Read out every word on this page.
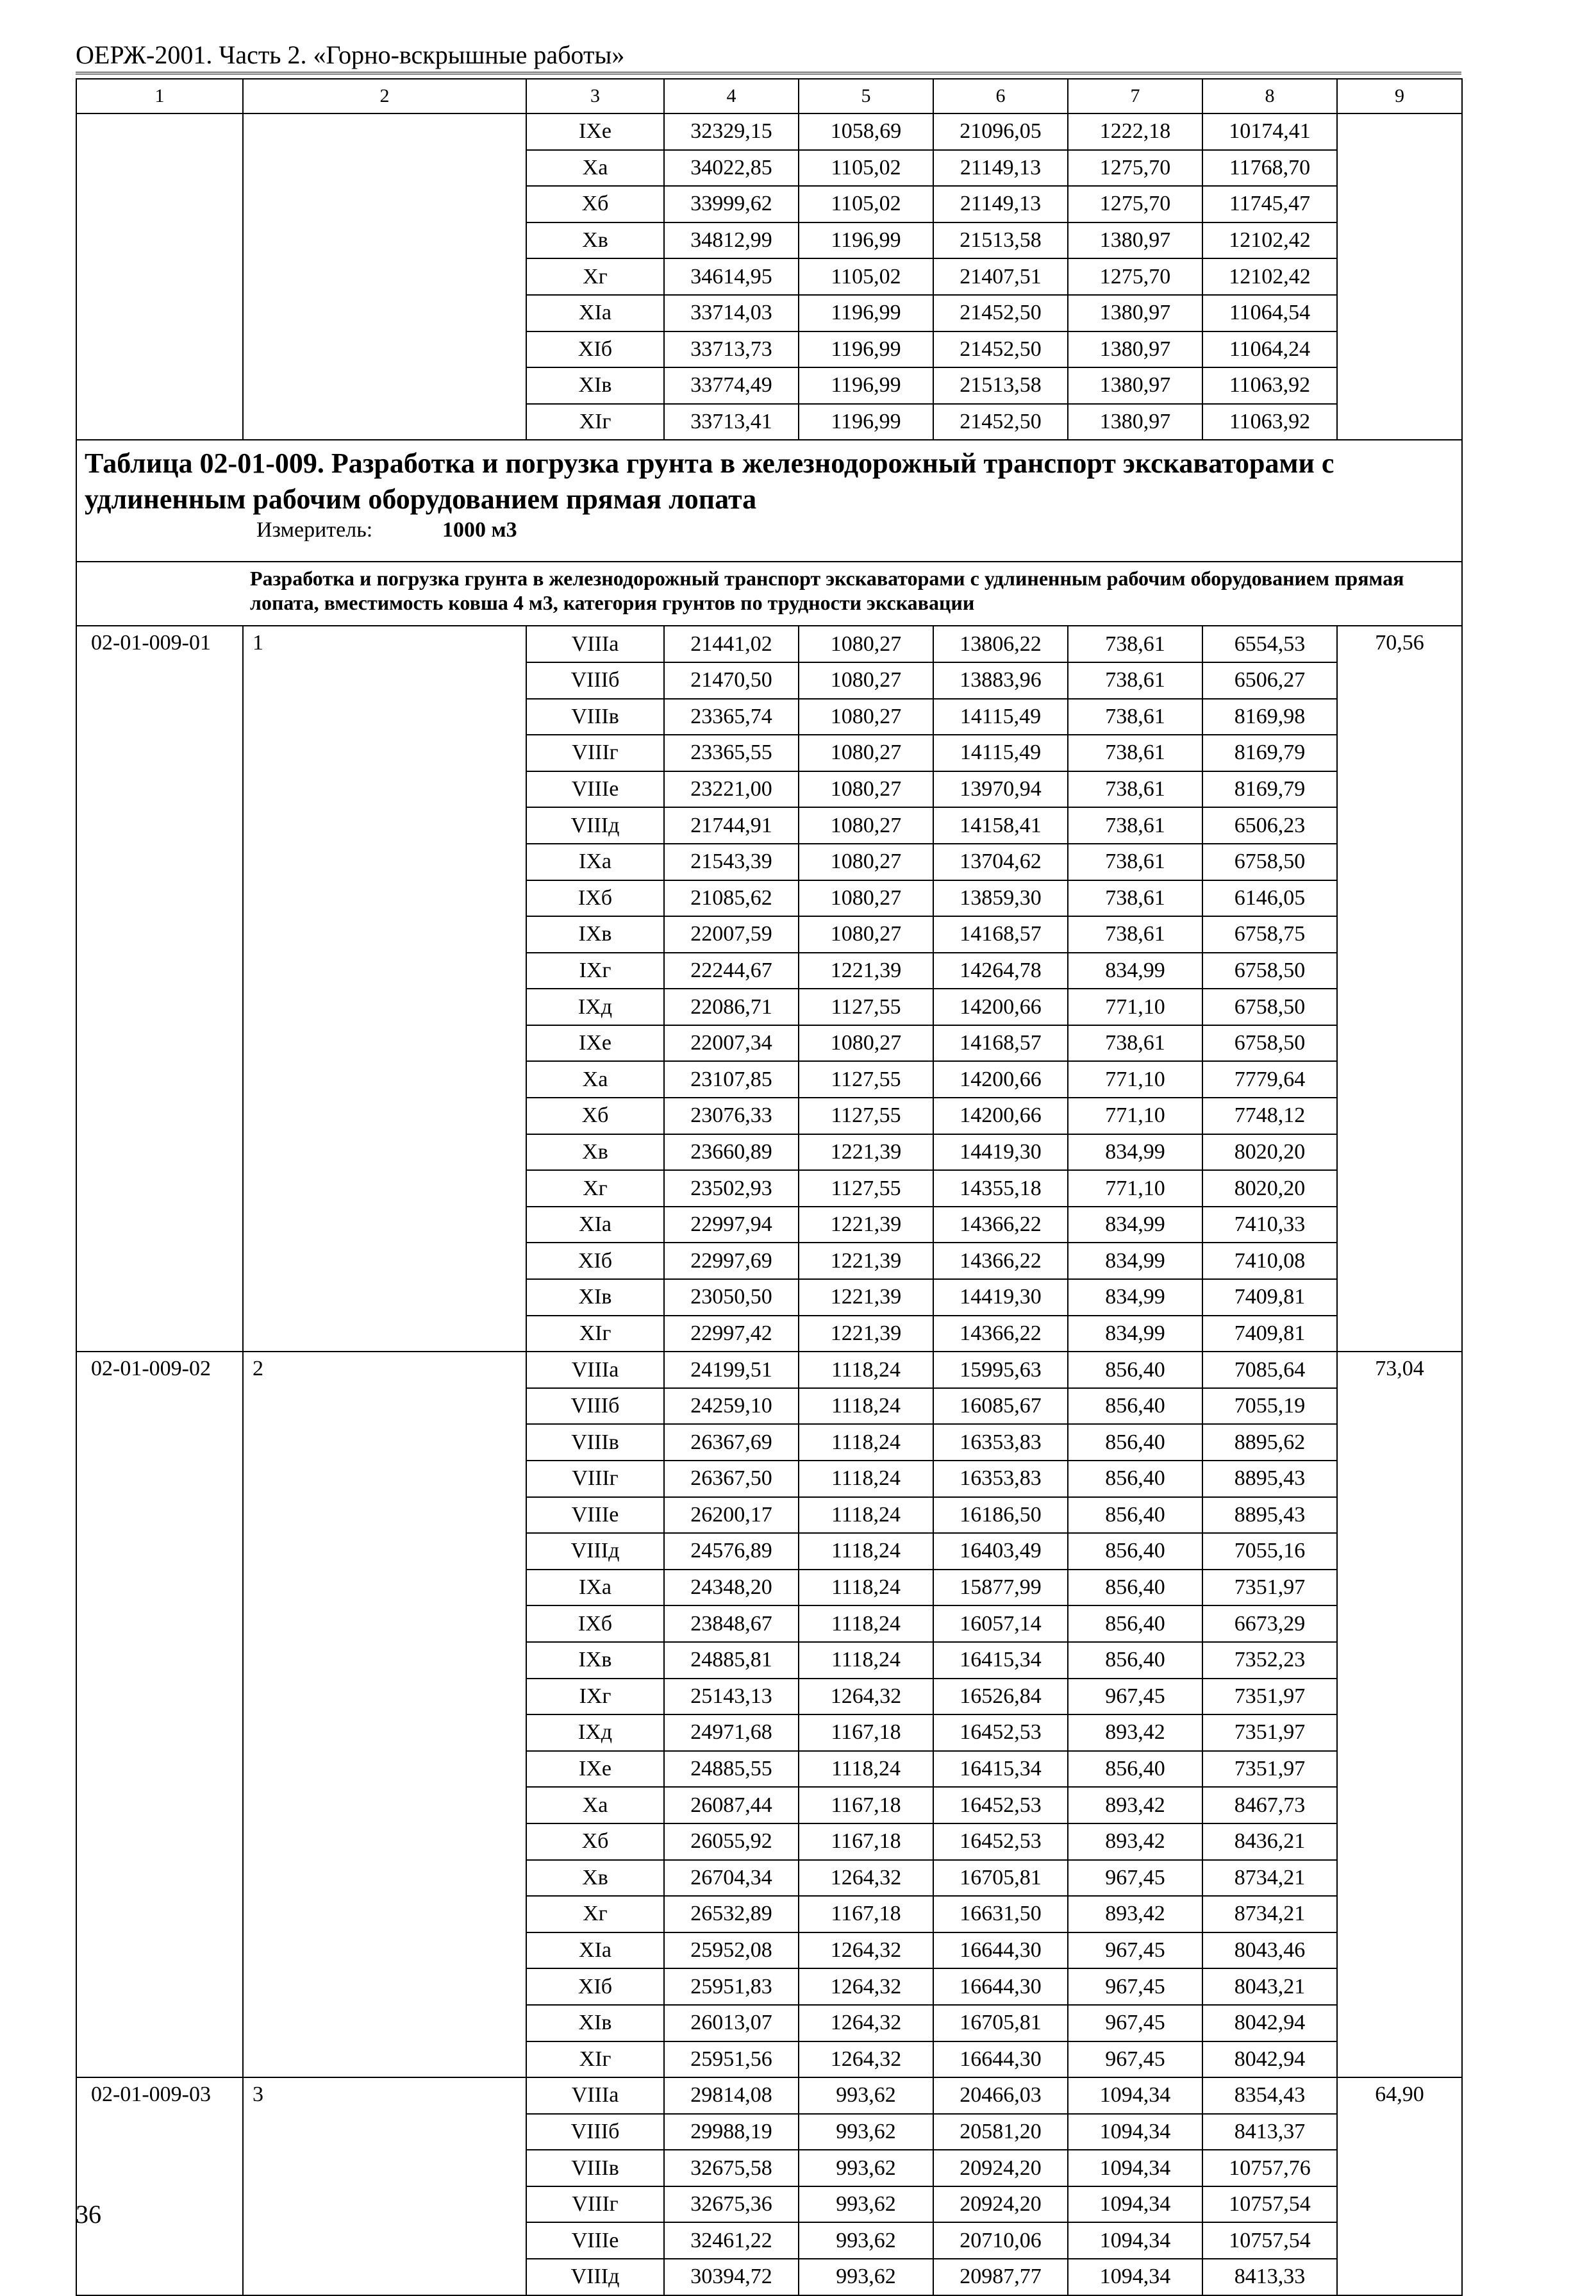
ОЕРЖ-2001. Часть 2. «Горно-вскрышные работы»
1	2	3	4	5	6	7	8	9
		IXе	32329,15	1058,69	21096,05	1222,18	10174,41	
		Xа	34022,85	1105,02	21149,13	1275,70	11768,70	
		Xб	33999,62	1105,02	21149,13	1275,70	11745,47	
		Xв	34812,99	1196,99	21513,58	1380,97	12102,42	
		Xг	34614,95	1105,02	21407,51	1275,70	12102,42	
		XIа	33714,03	1196,99	21452,50	1380,97	11064,54	
		XIб	33713,73	1196,99	21452,50	1380,97	11064,24	
		XIв	33774,49	1196,99	21513,58	1380,97	11063,92	
		XIг	33713,41	1196,99	21452,50	1380,97	11063,92	

Таблица 02-01-009. Разработка и погрузка грунта в железнодорожный транспорт экскаваторами с удлиненным рабочим оборудованием прямая лопата
Измеритель: 1000 м3								

Разработка и погрузка грунта в железнодорожный транспорт экскаваторами с удлиненным рабочим оборудованием прямая лопата, вместимость ковша 4 м3, категория грунтов по трудности экскавации								
02-01-009-01	1	VIIIа	21441,02	1080,27	13806,22	738,61	6554,53	70,56
		VIIIб	21470,50	1080,27	13883,96	738,61	6506,27	
		VIIIв	23365,74	1080,27	14115,49	738,61	8169,98	
		VIIIг	23365,55	1080,27	14115,49	738,61	8169,79	
		VIIIе	23221,00	1080,27	13970,94	738,61	8169,79	
		VIIIд	21744,91	1080,27	14158,41	738,61	6506,23	
		IXа	21543,39	1080,27	13704,62	738,61	6758,50	
		IXб	21085,62	1080,27	13859,30	738,61	6146,05	
		IXв	22007,59	1080,27	14168,57	738,61	6758,75	
		IXг	22244,67	1221,39	14264,78	834,99	6758,50	
		IXд	22086,71	1127,55	14200,66	771,10	6758,50	
		IXе	22007,34	1080,27	14168,57	738,61	6758,50	
		Xа	23107,85	1127,55	14200,66	771,10	7779,64	
		Xб	23076,33	1127,55	14200,66	771,10	7748,12	
		Xв	23660,89	1221,39	14419,30	834,99	8020,20	
		Xг	23502,93	1127,55	14355,18	771,10	8020,20	
		XIа	22997,94	1221,39	14366,22	834,99	7410,33	
		XIб	22997,69	1221,39	14366,22	834,99	7410,08	
		XIв	23050,50	1221,39	14419,30	834,99	7409,81	
		XIг	22997,42	1221,39	14366,22	834,99	7409,81	
02-01-009-02	2	VIIIа	24199,51	1118,24	15995,63	856,40	7085,64	73,04
		VIIIб	24259,10	1118,24	16085,67	856,40	7055,19	
		VIIIв	26367,69	1118,24	16353,83	856,40	8895,62	
		VIIIг	26367,50	1118,24	16353,83	856,40	8895,43	
		VIIIе	26200,17	1118,24	16186,50	856,40	8895,43	
		VIIIд	24576,89	1118,24	16403,49	856,40	7055,16	
		IXа	24348,20	1118,24	15877,99	856,40	7351,97	
		IXб	23848,67	1118,24	16057,14	856,40	6673,29	
		IXв	24885,81	1118,24	16415,34	856,40	7352,23	
		IXг	25143,13	1264,32	16526,84	967,45	7351,97	
		IXд	24971,68	1167,18	16452,53	893,42	7351,97	
		IXе	24885,55	1118,24	16415,34	856,40	7351,97	
		Xа	26087,44	1167,18	16452,53	893,42	8467,73	
		Xб	26055,92	1167,18	16452,53	893,42	8436,21	
		Xв	26704,34	1264,32	16705,81	967,45	8734,21	
		Xг	26532,89	1167,18	16631,50	893,42	8734,21	
		XIа	25952,08	1264,32	16644,30	967,45	8043,46	
		XIб	25951,83	1264,32	16644,30	967,45	8043,21	
		XIв	26013,07	1264,32	16705,81	967,45	8042,94	
		XIг	25951,56	1264,32	16644,30	967,45	8042,94	
02-01-009-03	3	VIIIа	29814,08	993,62	20466,03	1094,34	8354,43	64,90
		VIIIб	29988,19	993,62	20581,20	1094,34	8413,37	
		VIIIв	32675,58	993,62	20924,20	1094,34	10757,76	
		VIIIг	32675,36	993,62	20924,20	1094,34	10757,54	
		VIIIе	32461,22	993,62	20710,06	1094,34	10757,54	
		VIIIд	30394,72	993,62	20987,77	1094,34	8413,33	
36
